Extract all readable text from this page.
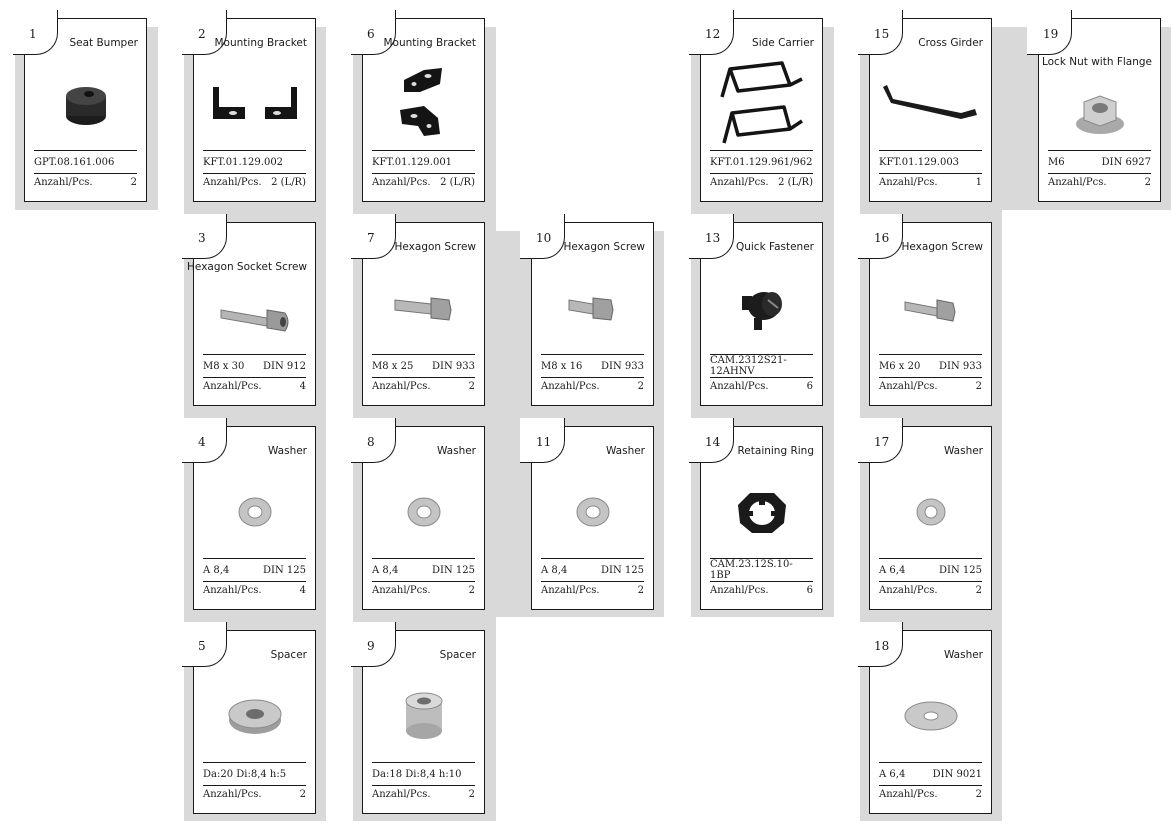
1
Seat Bumper
GPT.08.161.006
Anzahl/Pcs.	2
2
Mounting Bracket
KFT.01.129.002
Anzahl/Pcs. 2 (L/R)
6
Mounting Bracket
KFT.01.129.001
Anzahl/Pcs. 2 (L/R)
12
Side Carrier
KFT.01.129.961/962
Anzahl/Pcs. 2 (L/R)
15
Cross Girder
KFT.01.129.003
Anzahl/Pcs.	1
19
Lock Nut with Flange
M6	DIN 6927
Anzahl/Pcs.	2
3
Hexagon Socket Screw
M8 x 30 DIN 912
Anzahl/Pcs.	4
7
Hexagon Screw
M8 x 25 DIN 933
Anzahl/Pcs.	2
10
Hexagon Screw
M8 x 16 DIN 933
Anzahl/Pcs.	2
13
Quick Fastener
CAM.2312S21-12AHNV
Anzahl/Pcs.	6
16
Hexagon Screw
M6 x 20 DIN 933
Anzahl/Pcs.	2
4
Washer
A 8,4	DIN 125
Anzahl/Pcs.	4
8
Washer
A 8,4	DIN 125
Anzahl/Pcs.	2
11
Washer
A 8,4	DIN 125
Anzahl/Pcs.	2
14
Retaining Ring
CAM.23.12S.10-1BP
Anzahl/Pcs.	6
17
Washer
A 6,4	DIN 125
Anzahl/Pcs.	2
5
Spacer
Da:20 Di:8,4 h:5
Anzahl/Pcs.	2
9
Spacer
Da:18 Di:8,4 h:10
Anzahl/Pcs.	2
18
Washer
A 6,4	DIN 9021
Anzahl/Pcs.	2
